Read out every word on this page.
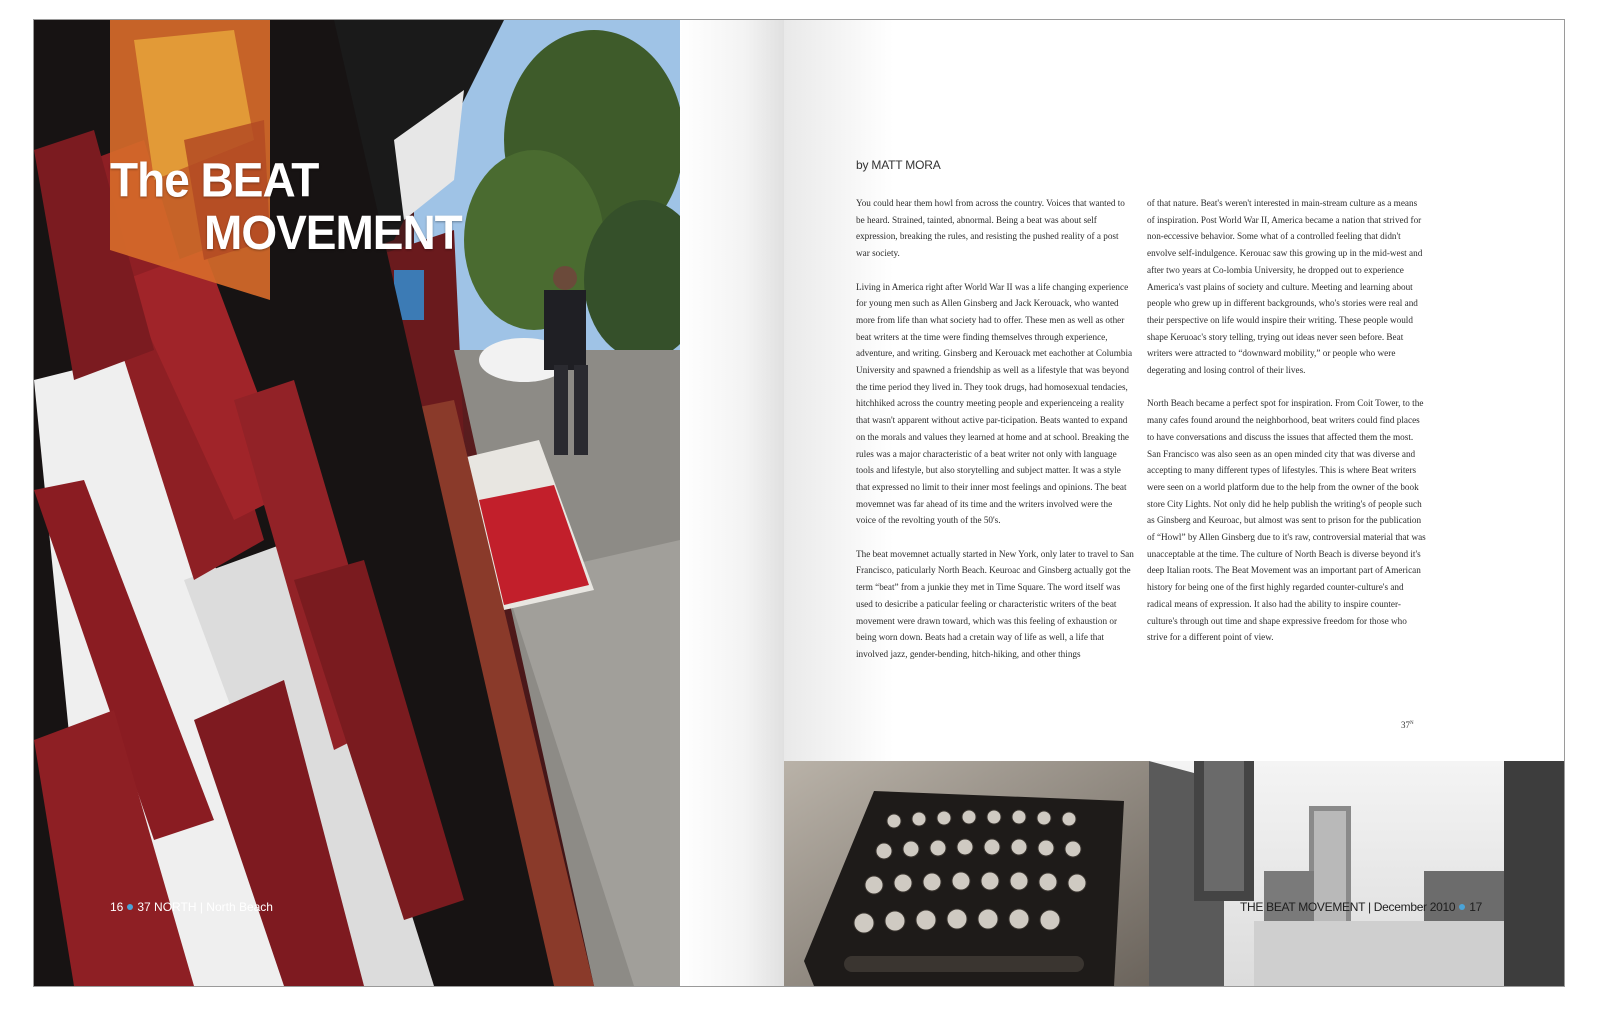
The BEAT
MOVEMENT
16 37 NORTH | North Beach
by MATT MORA

You could hear them howl from across the country. Voices that wanted to be heard. Strained, tainted, abnormal. Being a beat was about self expression, breaking the rules, and resisting the pushed reality of a post war society.

Living in America right after World War II was a life changing experience for young men such as Allen Ginsberg and Jack Kerouack, who wanted more from life than what society had to offer. These men as well as other beat writers at the time were finding themselves through experience, adventure, and writing. Ginsberg and Kerouack met eachother at Columbia University and spawned a friendship as well as a lifestyle that was beyond the time period they lived in. They took drugs, had homosexual tendacies, hitchhiked across the country meeting people and experienceing a reality that wasn't apparent without active par-ticipation. Beats wanted to expand on the morals and values they learned at home and at school. Breaking the rules was a major characteristic of a beat writer not only with language tools and lifestyle, but also storytelling and subject matter. It was a style that expressed no limit to their inner most feelings and opinions. The beat movemnet was far ahead of its time and the writers involved were the voice of the revolting youth of the 50's.

The beat movemnet actually started in New York, only later to travel to San Francisco, paticularly North Beach. Keuroac and Ginsberg actually got the term “beat” from a junkie they met in Time Square. The word itself was used to desicribe a paticular feeling or characteristic writers of the beat movement were drawn toward, which was this feeling of exhaustion or being worn down. Beats had a cretain way of life as well, a life that involved jazz, gender-bending, hitch-hiking, and other things

of that nature. Beat's weren't interested in main-stream culture as a means of inspiration. Post World War II, America became a nation that strived for non-eccessive behavior. Some what of a controlled feeling that didn't envolve self-indulgence. Kerouac saw this growing up in the mid-west and after two years at Co-lombia University, he dropped out to experience America's vast plains of society and culture. Meeting and learning about people who grew up in different backgrounds, who's stories were real and their perspective on life would inspire their writing. These people would shape Keruoac's story telling, trying out ideas never seen before. Beat writers were attracted to “downward mobility,” or people who were degerating and losing control of their lives.

North Beach became a perfect spot for inspiration. From Coit Tower, to the many cafes found around the neighborhood, beat writers could find places to have conversations and discuss the issues that affected them the most. San Francisco was also seen as an open minded city that was diverse and accepting to many different types of lifestyles. This is where Beat writers were seen on a world platform due to the help from the owner of the book store City Lights. Not only did he help publish the writing's of people such as Ginsberg and Keuroac, but almost was sent to prison for the publication of “Howl” by Allen Ginsberg due to it's raw, controversial material that was unacceptable at the time. The culture of North Beach is diverse beyond it's deep Italian roots. The Beat Movement was an important part of American history for being one of the first highly regarded counter-culture's and radical means of expression. It also had the ability to inspire counter-culture's through out time and shape expressive freedom for those who strive for a different point of view.

$37^N$
THE BEAT MOVEMENT | December 2010 17
